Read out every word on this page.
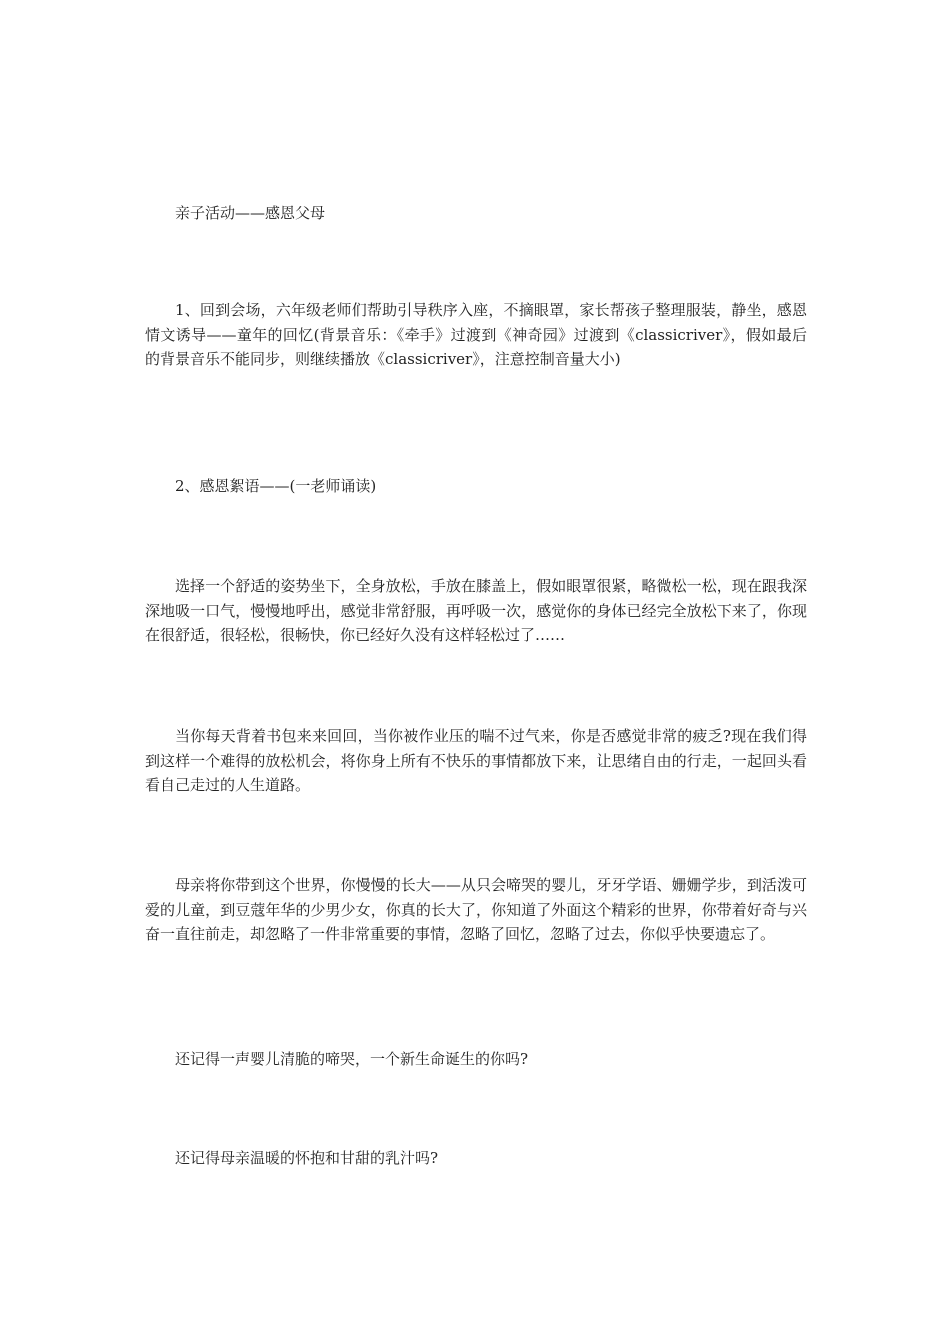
亲子活动——感恩父母

1、回到会场，六年级老师们帮助引导秩序入座，不摘眼罩，家长帮孩子整理服装，静坐，感恩情文诱导——童年的回忆(背景音乐：《牵手》过渡到《神奇园》过渡到《classicriver》，假如最后的背景音乐不能同步，则继续播放《classicriver》，注意控制音量大小)

2、感恩絮语——(一老师诵读)

选择一个舒适的姿势坐下，全身放松，手放在膝盖上，假如眼罩很紧，略微松一松，现在跟我深深地吸一口气，慢慢地呼出，感觉非常舒服，再呼吸一次，感觉你的身体已经完全放松下来了，你现在很舒适，很轻松，很畅快，你已经好久没有这样轻松过了……

当你每天背着书包来来回回，当你被作业压的喘不过气来，你是否感觉非常的疲乏?现在我们得到这样一个难得的放松机会，将你身上所有不快乐的事情都放下来，让思绪自由的行走，一起回头看看自己走过的人生道路。

母亲将你带到这个世界，你慢慢的长大——从只会啼哭的婴儿，牙牙学语、姗姗学步，到活泼可爱的儿童，到豆蔻年华的少男少女，你真的长大了，你知道了外面这个精彩的世界，你带着好奇与兴奋一直往前走，却忽略了一件非常重要的事情，忽略了回忆，忽略了过去，你似乎快要遗忘了。

还记得一声婴儿清脆的啼哭，一个新生命诞生的你吗?

还记得母亲温暖的怀抱和甘甜的乳汁吗?
